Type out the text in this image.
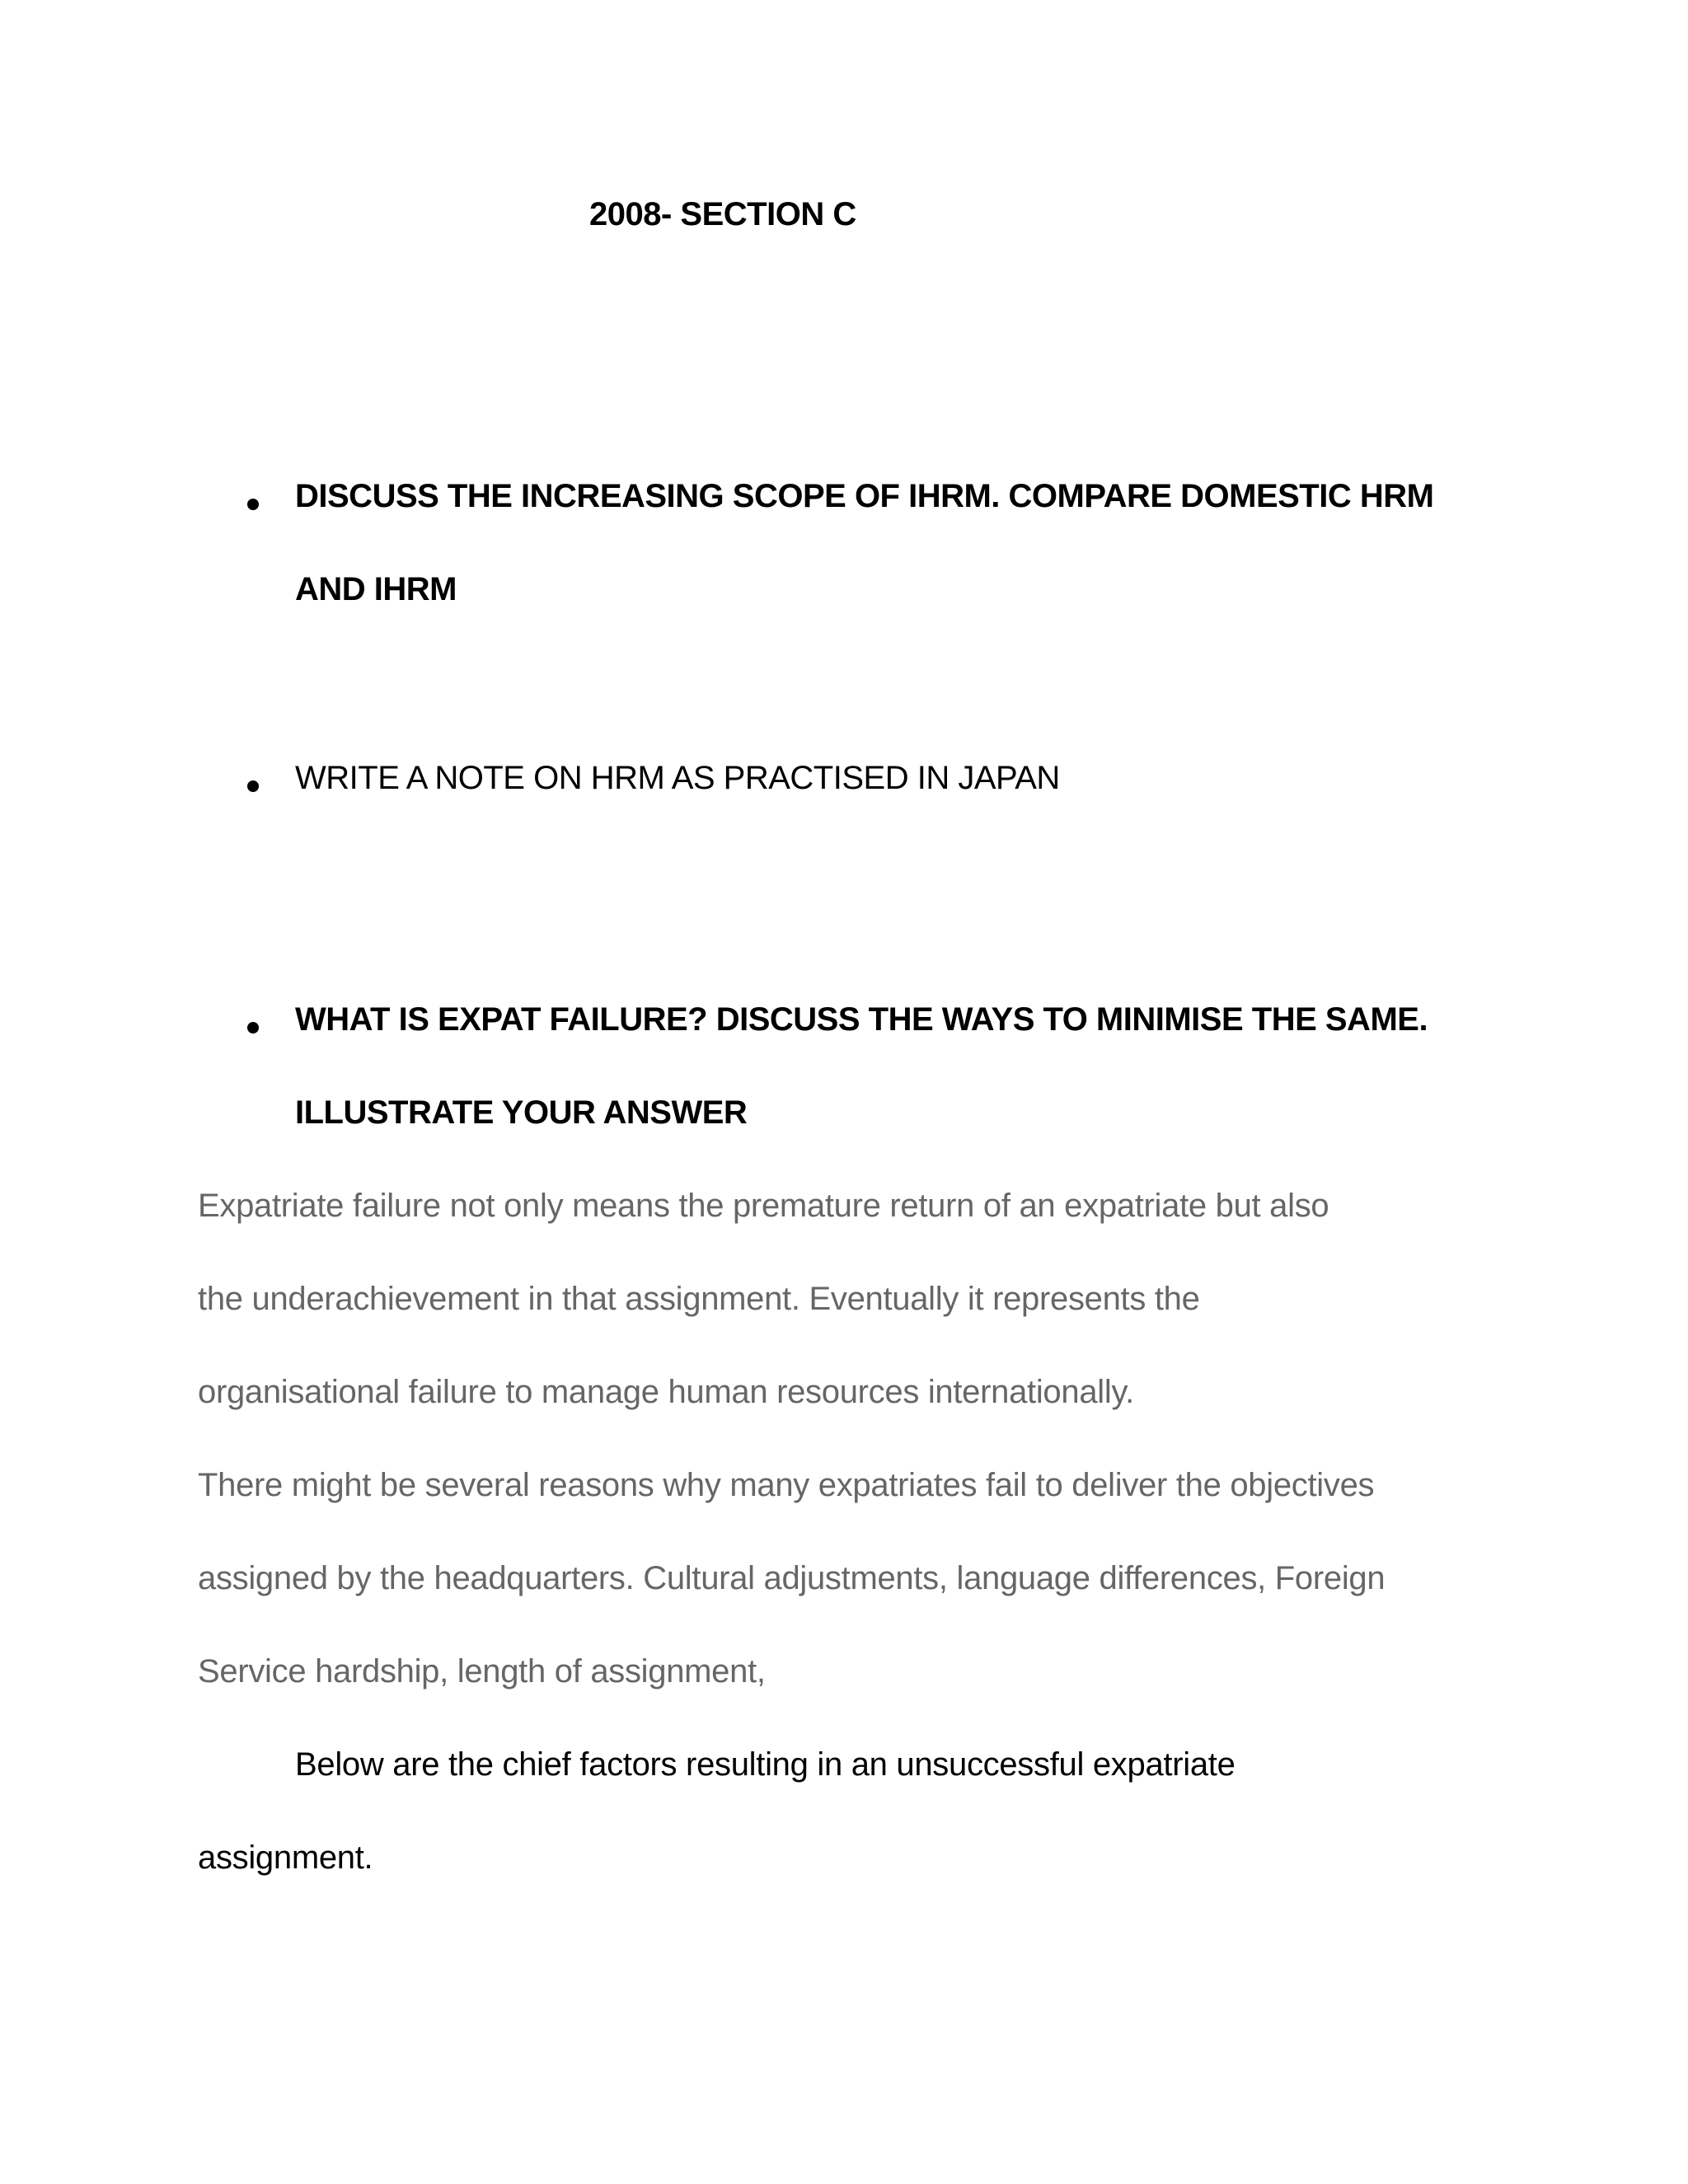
2008- SECTION C
DISCUSS THE INCREASING SCOPE OF IHRM. COMPARE DOMESTIC HRM
AND IHRM
WRITE A NOTE ON HRM AS PRACTISED IN JAPAN
WHAT IS EXPAT FAILURE? DISCUSS THE WAYS TO MINIMISE THE SAME.
ILLUSTRATE YOUR ANSWER
Expatriate failure not only means the premature return of an expatriate but also
the underachievement in that assignment. Eventually it represents the
organisational failure to manage human resources internationally.
There might be several reasons why many expatriates fail to deliver the objectives
assigned by the headquarters. Cultural adjustments, language differences, Foreign
Service hardship, length of assignment,
Below are the chief factors resulting in an unsuccessful expatriate
assignment.
